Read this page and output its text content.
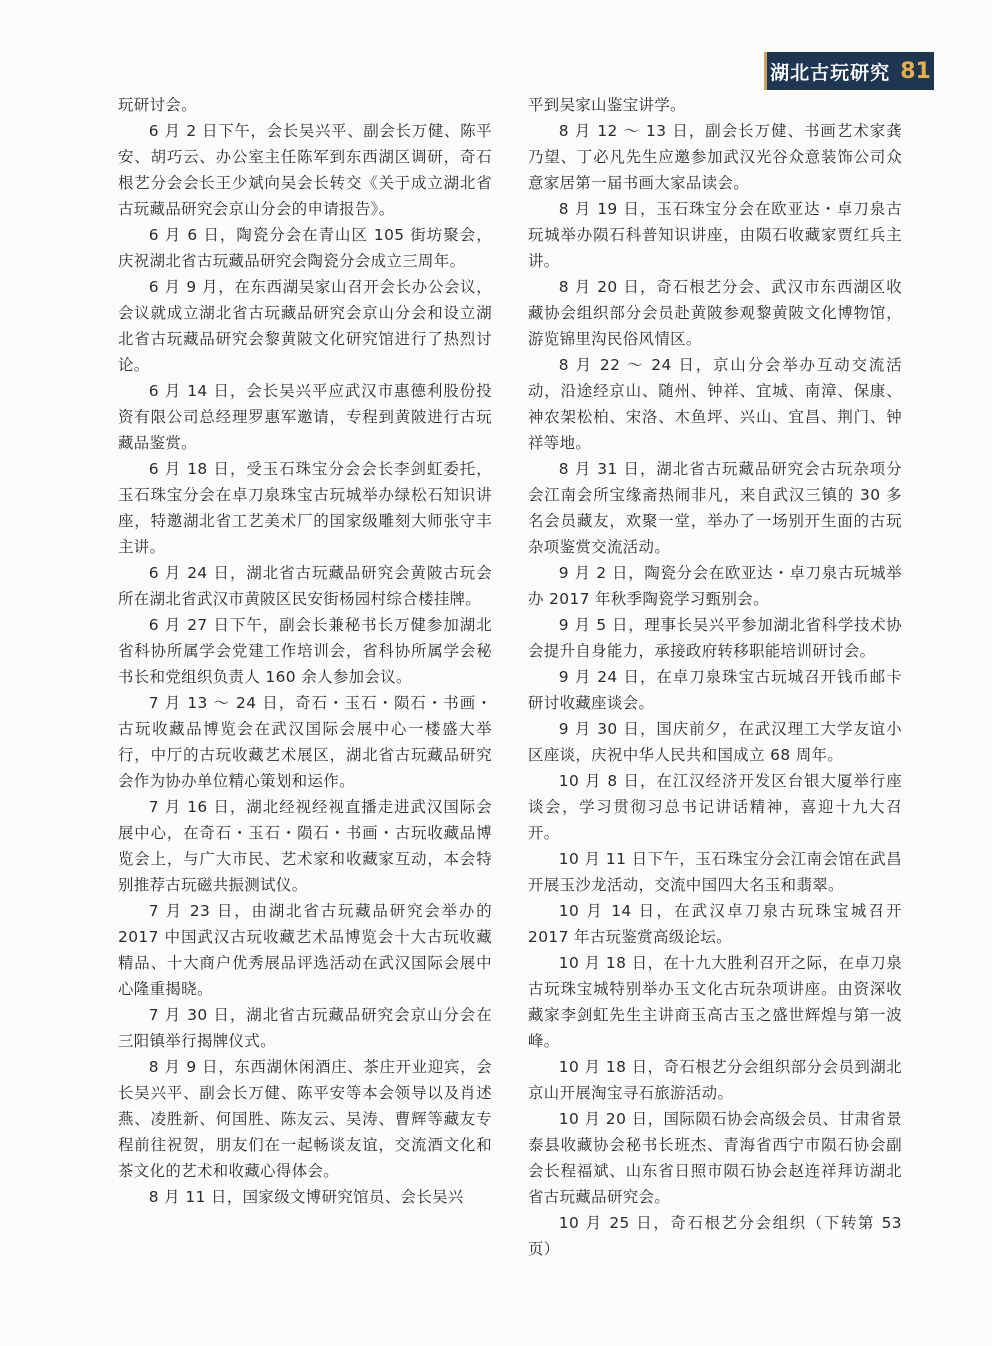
湖北古玩研究 81

玩研讨会。

6 月 2 日下午，会长吴兴平、副会长万健、陈平安、胡巧云、办公室主任陈军到东西湖区调研，奇石根艺分会会长王少斌向吴会长转交《关于成立湖北省古玩藏品研究会京山分会的申请报告》。

6 月 6 日，陶瓷分会在青山区 105 街坊聚会，庆祝湖北省古玩藏品研究会陶瓷分会成立三周年。

6 月 9 月，在东西湖吴家山召开会长办公会议，会议就成立湖北省古玩藏品研究会京山分会和设立湖北省古玩藏品研究会黎黄陂文化研究馆进行了热烈讨论。

6 月 14 日，会长吴兴平应武汉市惠德利股份投资有限公司总经理罗惠军邀请，专程到黄陂进行古玩藏品鉴赏。

6 月 18 日，受玉石珠宝分会会长李剑虹委托，玉石珠宝分会在卓刀泉珠宝古玩城举办绿松石知识讲座，特邀湖北省工艺美术厂的国家级雕刻大师张守丰主讲。

6 月 24 日，湖北省古玩藏品研究会黄陂古玩会所在湖北省武汉市黄陂区民安街杨园村综合楼挂牌。

6 月 27 日下午，副会长兼秘书长万健参加湖北省科协所属学会党建工作培训会，省科协所属学会秘书长和党组织负责人 160 余人参加会议。

7 月 13 ～ 24 日，奇石・玉石・陨石・书画・古玩收藏品博览会在武汉国际会展中心一楼盛大举行，中厅的古玩收藏艺术展区，湖北省古玩藏品研究会作为协办单位精心策划和运作。

7 月 16 日，湖北经视经视直播走进武汉国际会展中心，在奇石・玉石・陨石・书画・古玩收藏品博览会上，与广大市民、艺术家和收藏家互动，本会特别推荐古玩磁共振测试仪。

7 月 23 日，由湖北省古玩藏品研究会举办的 2017 中国武汉古玩收藏艺术品博览会十大古玩收藏精品、十大商户优秀展品评选活动在武汉国际会展中心隆重揭晓。

7 月 30 日，湖北省古玩藏品研究会京山分会在三阳镇举行揭牌仪式。

8 月 9 日，东西湖休闲酒庄、茶庄开业迎宾，会长吴兴平、副会长万健、陈平安等本会领导以及肖述燕、凌胜新、何国胜、陈友云、吴涛、曹辉等藏友专程前往祝贺，朋友们在一起畅谈友谊，交流酒文化和茶文化的艺术和收藏心得体会。

8 月 11 日，国家级文博研究馆员、会长吴兴

平到吴家山鉴宝讲学。

8 月 12 ～ 13 日，副会长万健、书画艺术家龚乃望、丁必凡先生应邀参加武汉光谷众意装饰公司众意家居第一届书画大家品读会。

8 月 19 日，玉石珠宝分会在欧亚达・卓刀泉古玩城举办陨石科普知识讲座，由陨石收藏家贾红兵主讲。

8 月 20 日，奇石根艺分会、武汉市东西湖区收藏协会组织部分会员赴黄陂参观黎黄陂文化博物馆，游览锦里沟民俗风情区。

8 月 22 ～ 24 日，京山分会举办互动交流活动，沿途经京山、随州、钟祥、宜城、南漳、保康、神农架松柏、宋洛、木鱼坪、兴山、宜昌、荆门、钟祥等地。

8 月 31 日，湖北省古玩藏品研究会古玩杂项分会江南会所宝缘斋热闹非凡，来自武汉三镇的 30 多名会员藏友，欢聚一堂，举办了一场别开生面的古玩杂项鉴赏交流活动。

9 月 2 日，陶瓷分会在欧亚达・卓刀泉古玩城举办 2017 年秋季陶瓷学习甄别会。

9 月 5 日，理事长吴兴平参加湖北省科学技术协会提升自身能力，承接政府转移职能培训研讨会。

9 月 24 日，在卓刀泉珠宝古玩城召开钱币邮卡研讨收藏座谈会。

9 月 30 日，国庆前夕，在武汉理工大学友谊小区座谈，庆祝中华人民共和国成立 68 周年。

10 月 8 日，在江汉经济开发区台银大厦举行座谈会，学习贯彻习总书记讲话精神，喜迎十九大召开。

10 月 11 日下午，玉石珠宝分会江南会馆在武昌开展玉沙龙活动，交流中国四大名玉和翡翠。

10 月 14 日，在武汉卓刀泉古玩珠宝城召开 2017 年古玩鉴赏高级论坛。

10 月 18 日，在十九大胜利召开之际，在卓刀泉古玩珠宝城特别举办玉文化古玩杂项讲座。由资深收藏家李剑虹先生主讲商玉高古玉之盛世辉煌与第一波峰。

10 月 18 日，奇石根艺分会组织部分会员到湖北京山开展淘宝寻石旅游活动。

10 月 20 日，国际陨石协会高级会员、甘肃省景泰县收藏协会秘书长班杰、青海省西宁市陨石协会副会长程福斌、山东省日照市陨石协会赵连祥拜访湖北省古玩藏品研究会。

10 月 25 日，奇石根艺分会组织（下转第 53 页）
